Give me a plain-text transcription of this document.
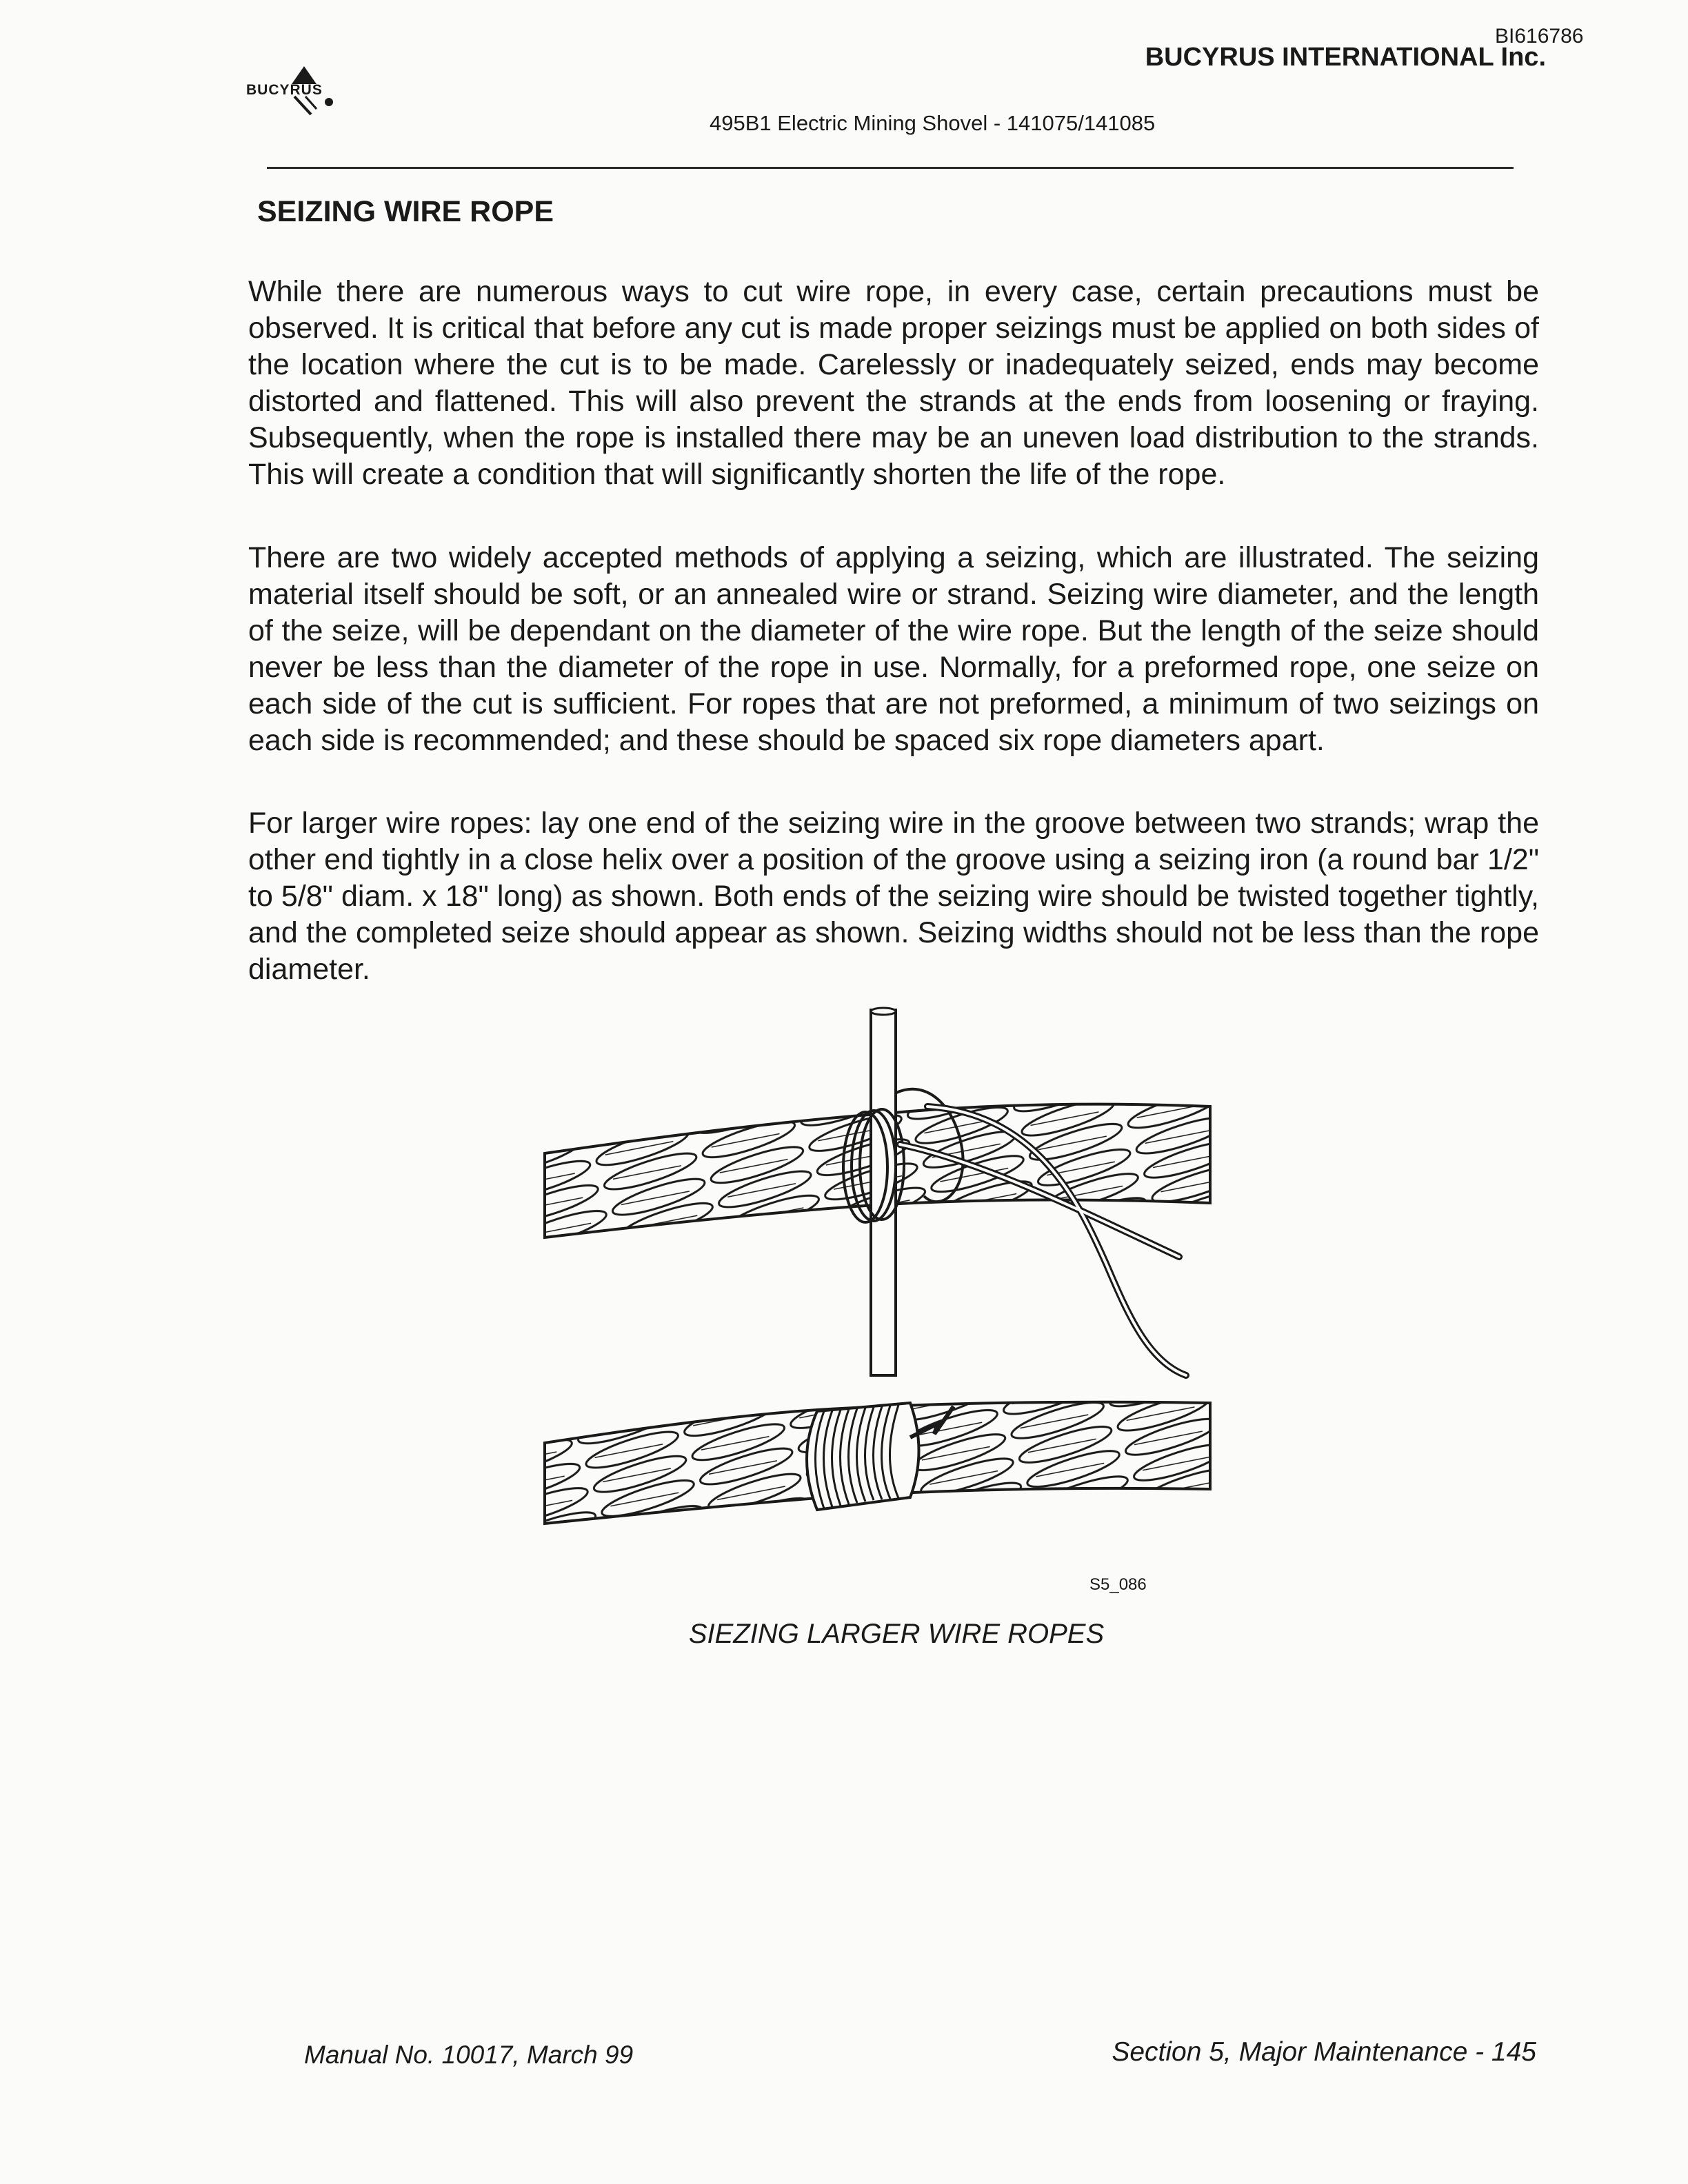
BI616786
BUCYRUS INTERNATIONAL Inc.
BUCYRUS
495B1 Electric Mining Shovel - 141075/141085
SEIZING WIRE ROPE

While there are numerous ways to cut wire rope, in every case, certain precautions must be observed. It is critical that before any cut is made proper seizings must be applied on both sides of the location where the cut is to be made. Carelessly or inadequately seized, ends may become distorted and flattened. This will also prevent the strands at the ends from loosening or fraying. Subsequently, when the rope is installed there may be an uneven load distribution to the strands. This will create a condition that will significantly shorten the life of the rope.

There are two widely accepted methods of applying a seizing, which are illustrated. The seizing material itself should be soft, or an annealed wire or strand. Seizing wire diameter, and the length of the seize, will be dependant on the diameter of the wire rope. But the length of the seize should never be less than the diameter of the rope in use. Normally, for a preformed rope, one seize on each side of the cut is sufficient. For ropes that are not preformed, a minimum of two seizings on each side is recommended; and these should be spaced six rope diameters apart.

For larger wire ropes: lay one end of the seizing wire in the groove between two strands; wrap the other end tightly in a close helix over a position of the groove using a seizing iron (a round bar 1/2" to 5/8" diam. x 18" long) as shown. Both ends of the seizing wire should be twisted together tightly, and the completed seize should appear as shown. Seizing widths should not be less than the rope diameter.

S5_086
SIEZING LARGER WIRE ROPES
Manual No. 10017, March 99	Section 5, Major Maintenance - 145
